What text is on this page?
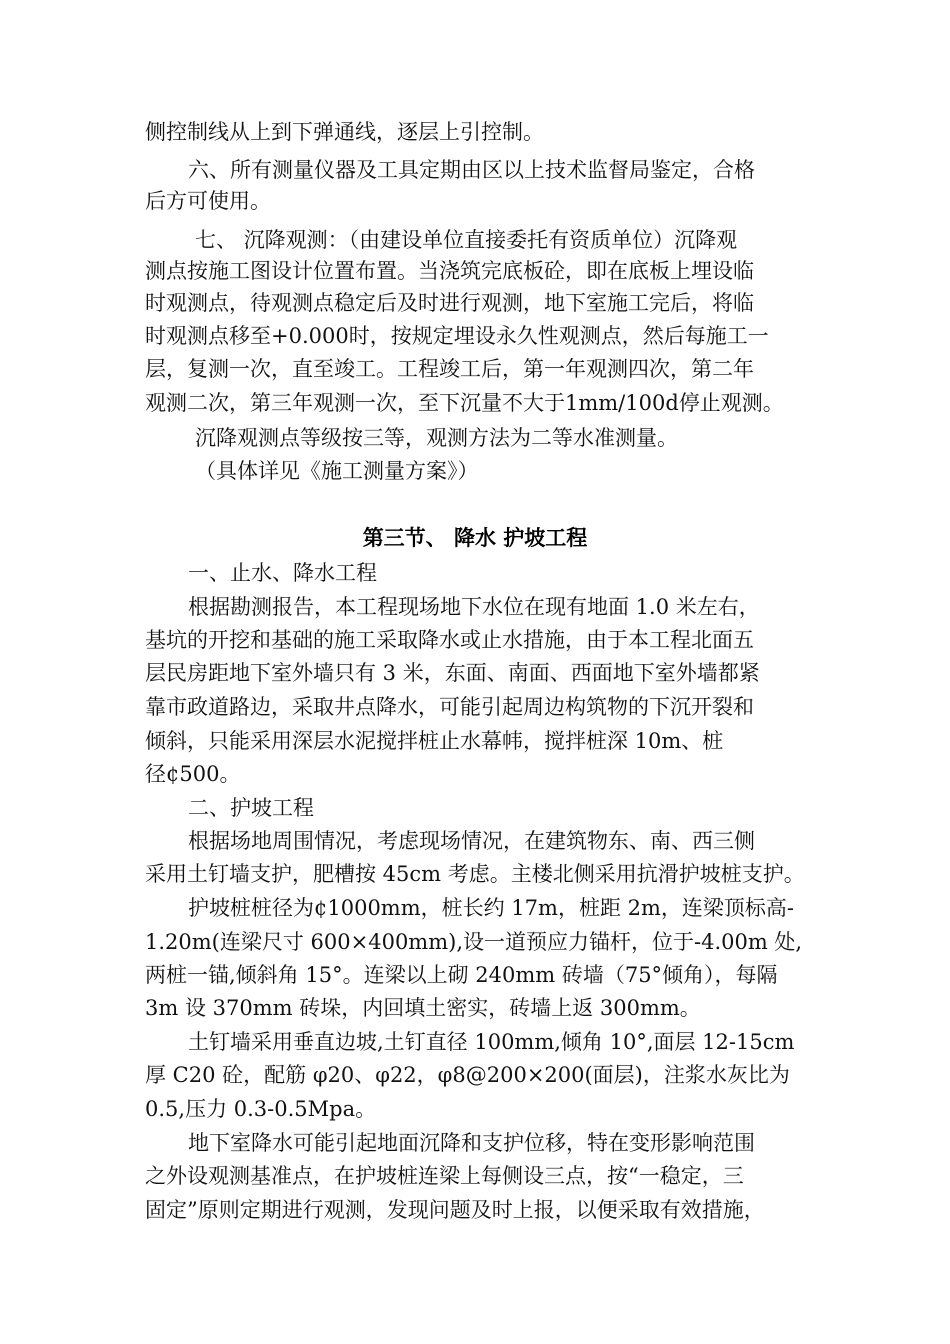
侧控制线从上到下弹通线，逐层上引控制。
六、所有测量仪器及工具定期由区以上技术监督局鉴定，合格
后方可使用。
七、 沉降观测：（由建设单位直接委托有资质单位）沉降观
测点按施工图设计位置布置。当浇筑完底板砼，即在底板上埋设临
时观测点，待观测点稳定后及时进行观测，地下室施工完后，将临
时观测点移至+0.000时，按规定埋设永久性观测点，然后每施工一
层，复测一次，直至竣工。工程竣工后，第一年观测四次，第二年
观测二次，第三年观测一次，至下沉量不大于1mm/100d停止观测。
沉降观测点等级按三等，观测方法为二等水准测量。
（具体详见《施工测量方案》）
第三节、 降水 护坡工程
一、止水、降水工程
根据勘测报告，本工程现场地下水位在现有地面 1.0 米左右，
基坑的开挖和基础的施工采取降水或止水措施，由于本工程北面五
层民房距地下室外墙只有 3 米，东面、南面、西面地下室外墙都紧
靠市政道路边，采取井点降水，可能引起周边构筑物的下沉开裂和
倾斜，只能采用深层水泥搅拌桩止水幕帏，搅拌桩深 10m、桩
径¢500。
二、护坡工程
根据场地周围情况，考虑现场情况，在建筑物东、南、西三侧
采用土钉墙支护，肥槽按 45cm 考虑。主楼北侧采用抗滑护坡桩支护。
护坡桩桩径为¢1000mm，桩长约 17m，桩距 2m，连梁顶标高-
1.20m(连梁尺寸 600×400mm),设一道预应力锚杆，位于-4.00m 处,
两桩一锚,倾斜角 15°。连梁以上砌 240mm 砖墙（75°倾角），每隔
3m 设 370mm 砖垛，内回填土密实，砖墙上返 300mm。
土钉墙采用垂直边坡,土钉直径 100mm,倾角 10°,面层 12-15cm
厚 C20 砼，配筋 φ20、φ22，φ8@200×200(面层)，注浆水灰比为
0.5,压力 0.3-0.5Mpa。
地下室降水可能引起地面沉降和支护位移，特在变形影响范围
之外设观测基准点，在护坡桩连梁上每侧设三点，按“一稳定，三
固定”原则定期进行观测，发现问题及时上报，以便采取有效措施，
